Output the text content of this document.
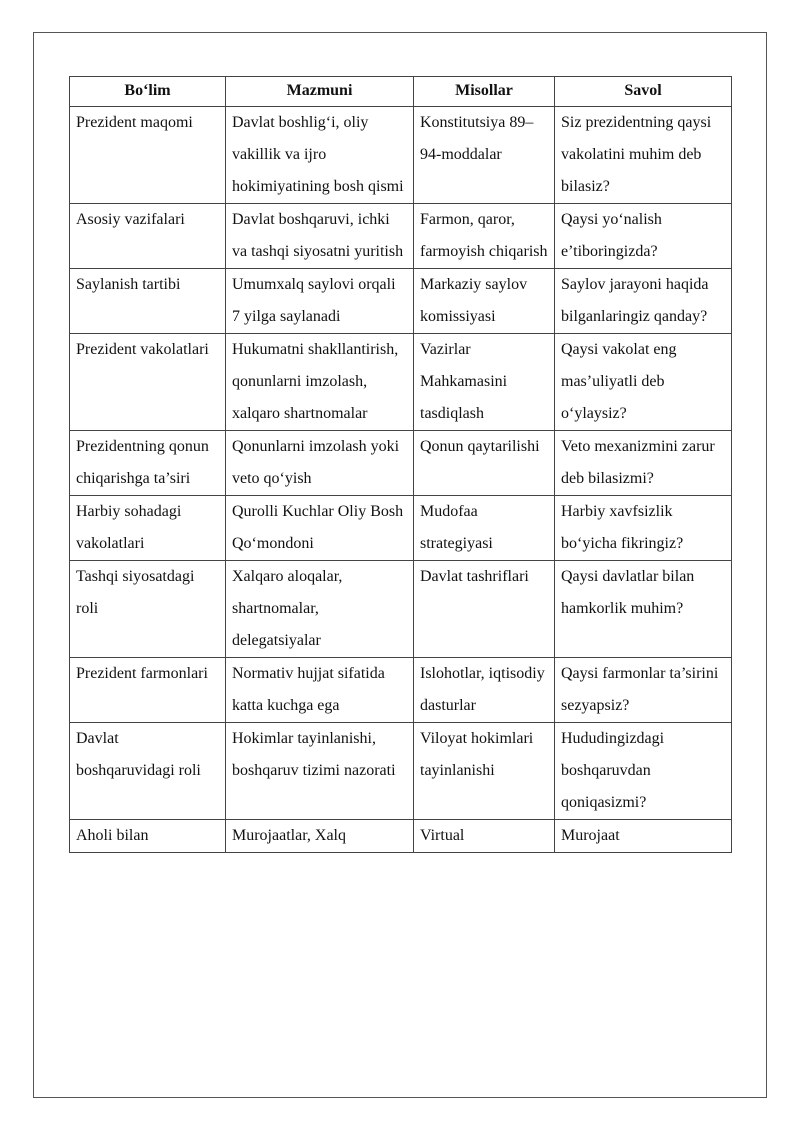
Bo‘lim	Mazmuni	Misollar	Savol
Prezident maqomi	Davlat boshlig‘i, oliy vakillik va ijro hokimiyatining bosh qismi	Konstitutsiya 89–94-moddalar	Siz prezidentning qaysi vakolatini muhim deb bilasiz?
Asosiy vazifalari	Davlat boshqaruvi, ichki va tashqi siyosatni yuritish	Farmon, qaror, farmoyish chiqarish	Qaysi yo‘nalish e’tiboringizda?
Saylanish tartibi	Umumxalq saylovi orqali 7 yilga saylanadi	Markaziy saylov komissiyasi	Saylov jarayoni haqida bilganlaringiz qanday?
Prezident vakolatlari	Hukumatni shakllantirish, qonunlarni imzolash, xalqaro shartnomalar	Vazirlar Mahkamasini tasdiqlash	Qaysi vakolat eng mas’uliyatli deb o‘ylaysiz?
Prezidentning qonun chiqarishga ta’siri	Qonunlarni imzolash yoki veto qo‘yish	Qonun qaytarilishi	Veto mexanizmini zarur deb bilasizmi?
Harbiy sohadagi vakolatlari	Qurolli Kuchlar Oliy Bosh Qo‘mondoni	Mudofaa strategiyasi	Harbiy xavfsizlik bo‘yicha fikringiz?
Tashqi siyosatdagi roli	Xalqaro aloqalar, shartnomalar, delegatsiyalar	Davlat tashriflari	Qaysi davlatlar bilan hamkorlik muhim?
Prezident farmonlari	Normativ hujjat sifatida katta kuchga ega	Islohotlar, iqtisodiy dasturlar	Qaysi farmonlar ta’sirini sezyapsiz?
Davlat boshqaruvidagi roli	Hokimlar tayinlanishi, boshqaruv tizimi nazorati	Viloyat hokimlari tayinlanishi	Hududingizdagi boshqaruvdan qoniqasizmi?
Aholi bilan	Murojaatlar, Xalq	Virtual	Murojaat
